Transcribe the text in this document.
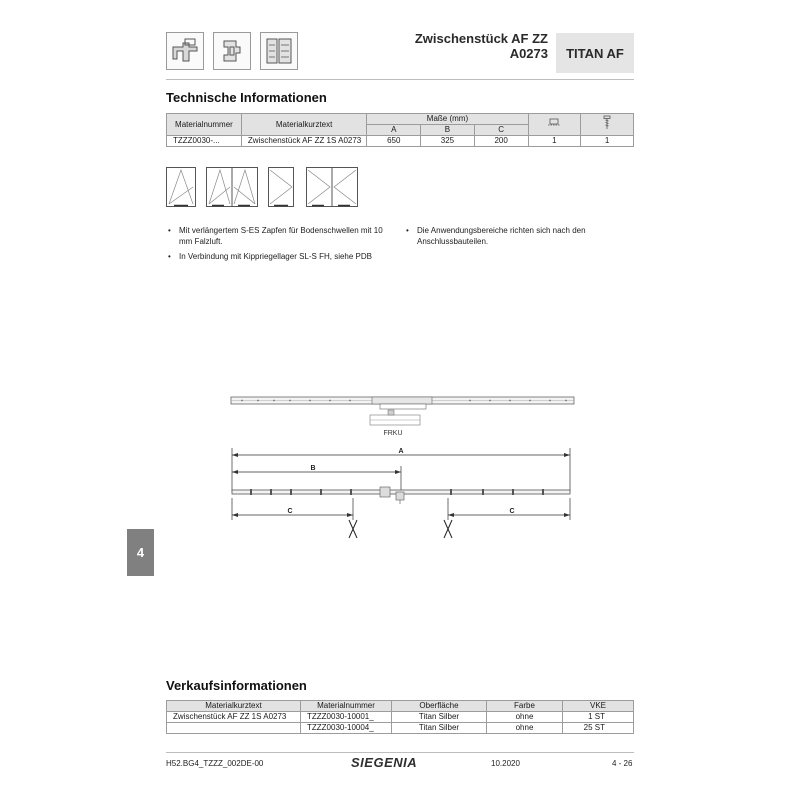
Zwischenstück AF ZZ A0273	TITAN AF
Technische Informationen
Materialnummer	Materialkurztext	Maße (mm)		
		A	B	C		
TZZZ0030-...	Zwischenstück AF ZZ 1S A0273	650	325	200	1	1
• Mit verlängertem S-ES Zapfen für Bodenschwellen mit 10 mm Falzluft.
• In Verbindung mit Kippriegellager SL-S FH, siehe PDB
• Die Anwendungsbereiche richten sich nach den Anschlussbauteilen.
FRKU
A
B
C	C
4
Verkaufsinformationen
Materialkurztext	Materialnummer	Oberfläche	Farbe	VKE
Zwischenstück AF ZZ 1S A0273	TZZZ0030-10001_	Titan Silber	ohne	1 ST
	TZZZ0030-10004_	Titan Silber	ohne	25 ST
H52.BG4_TZZZ_002DE-00	SIEGENIA	10.2020	4 - 26
